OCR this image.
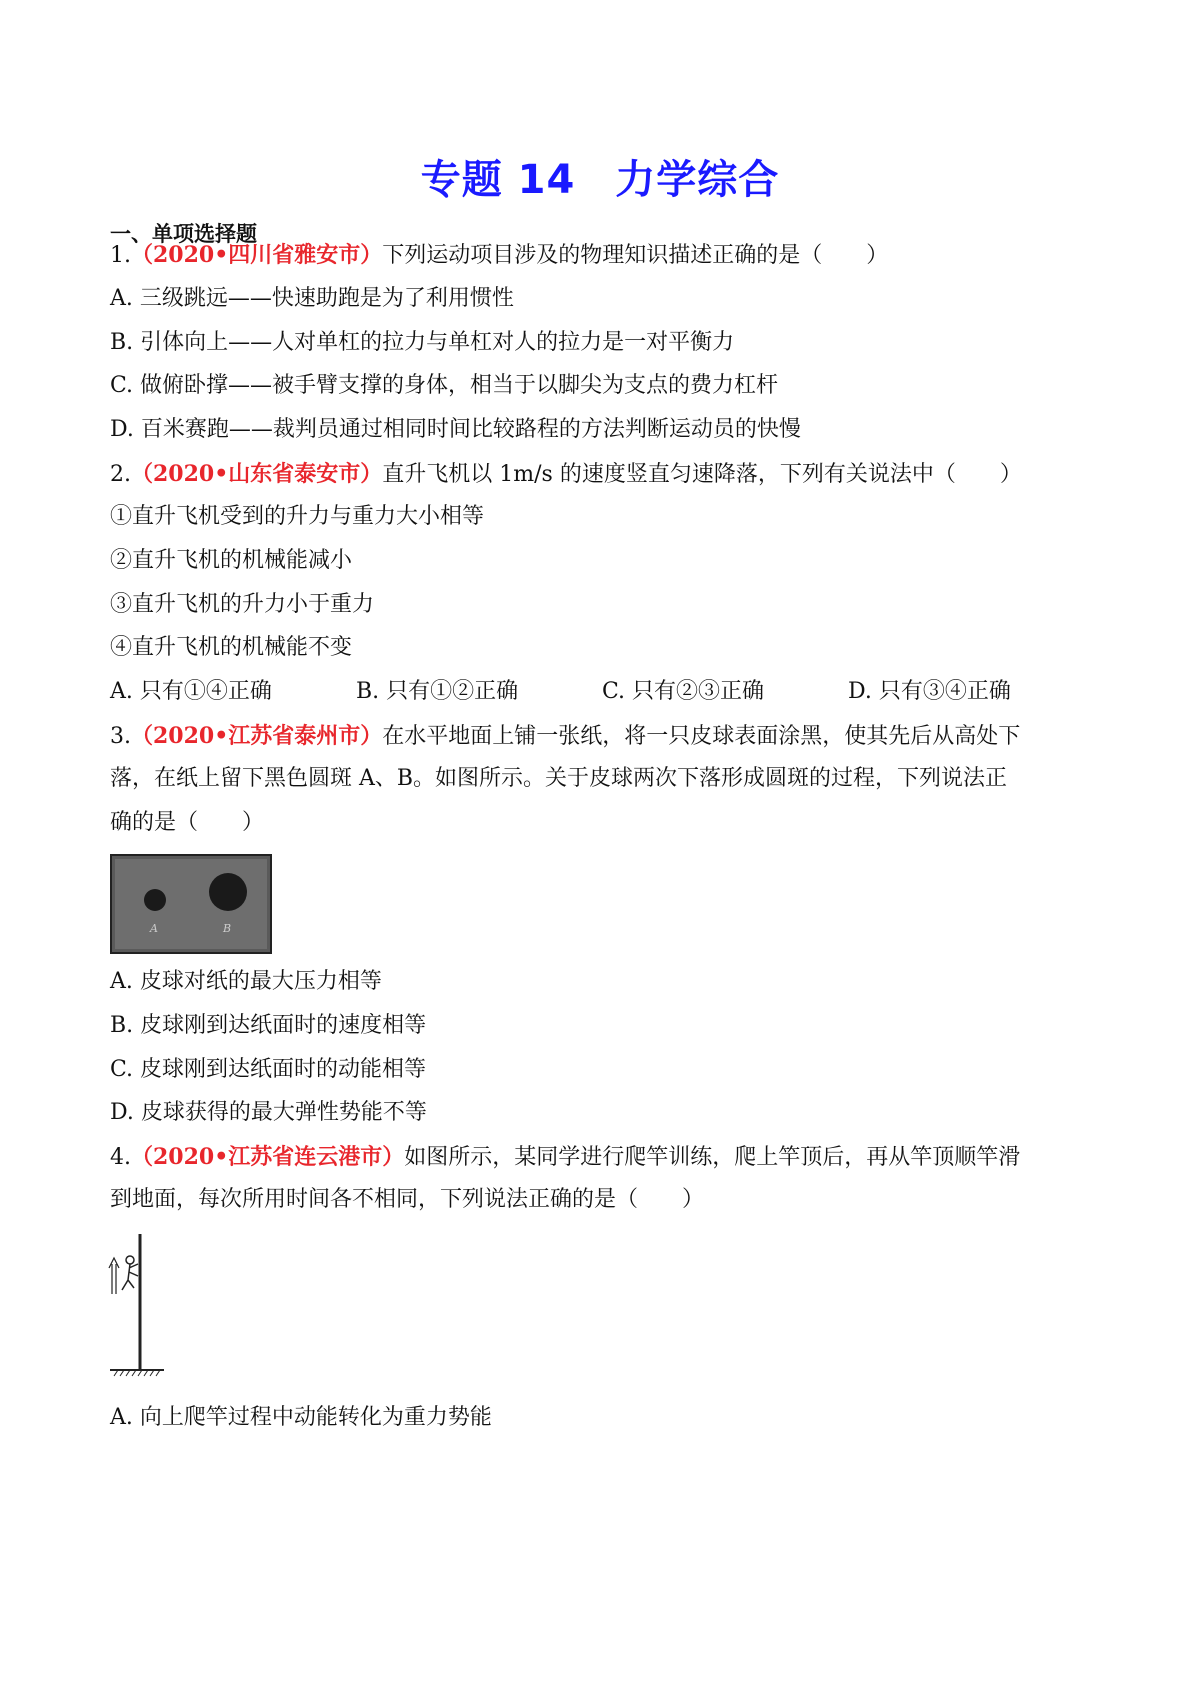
专题 14 力学综合
一、单项选择题
1.（2020•四川省雅安市）下列运动项目涉及的物理知识描述正确的是（　　）
A. 三级跳远——快速助跑是为了利用惯性
B. 引体向上——人对单杠的拉力与单杠对人的拉力是一对平衡力
C. 做俯卧撑——被手臂支撑的身体，相当于以脚尖为支点的费力杠杆
D. 百米赛跑——裁判员通过相同时间比较路程的方法判断运动员的快慢
2.（2020•山东省泰安市）直升飞机以 1m/s 的速度竖直匀速降落，下列有关说法中（　　）
①直升飞机受到的升力与重力大小相等
②直升飞机的机械能减小
③直升飞机的升力小于重力
④直升飞机的机械能不变
A. 只有①④正确	B. 只有①②正确	C. 只有②③正确	D. 只有③④正确
3.（2020•江苏省泰州市）在水平地面上铺一张纸，将一只皮球表面涂黑，使其先后从高处下
落，在纸上留下黑色圆斑 A、B。如图所示。关于皮球两次下落形成圆斑的过程，下列说法正
确的是（　　）
A	B
A. 皮球对纸的最大压力相等
B. 皮球刚到达纸面时的速度相等
C. 皮球刚到达纸面时的动能相等
D. 皮球获得的最大弹性势能不等
4.（2020•江苏省连云港市）如图所示，某同学进行爬竿训练，爬上竿顶后，再从竿顶顺竿滑
到地面，每次所用时间各不相同，下列说法正确的是（　　）
A. 向上爬竿过程中动能转化为重力势能
